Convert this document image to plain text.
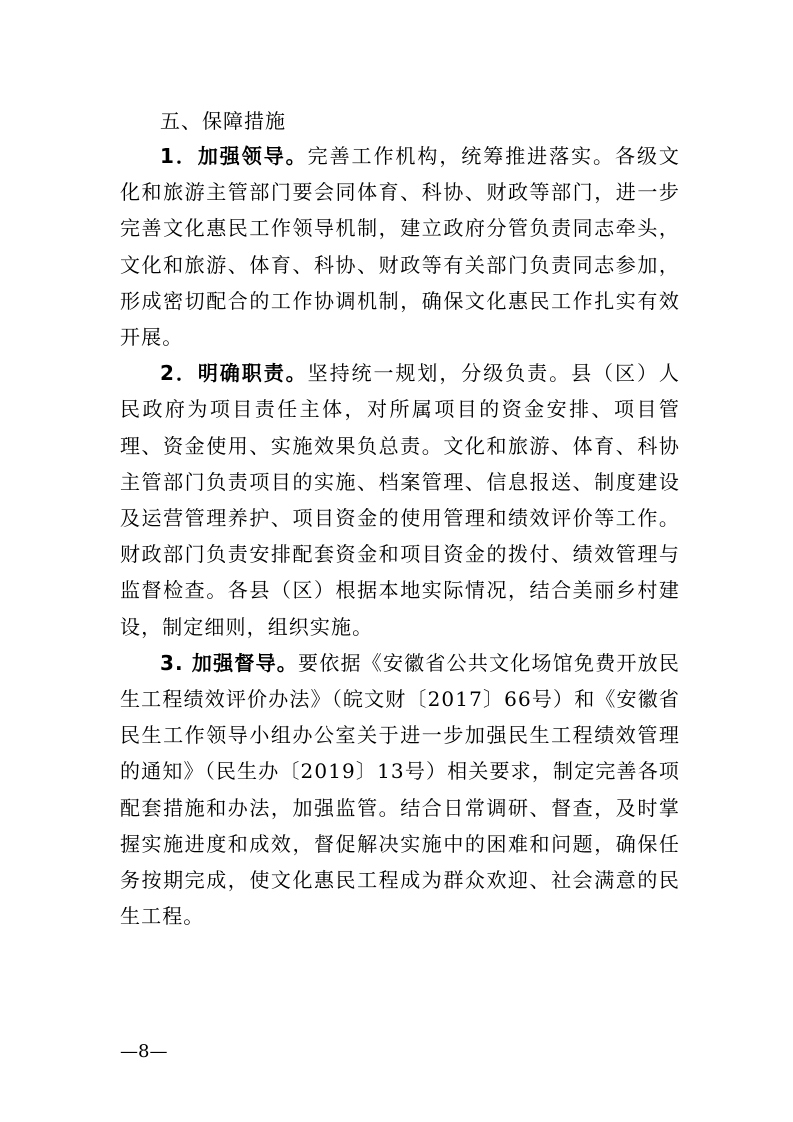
五、保障措施

1．加强领导。完善工作机构，统筹推进落实。各级文化和旅游主管部门要会同体育、科协、财政等部门，进一步完善文化惠民工作领导机制，建立政府分管负责同志牵头，文化和旅游、体育、科协、财政等有关部门负责同志参加，形成密切配合的工作协调机制，确保文化惠民工作扎实有效开展。

2．明确职责。坚持统一规划，分级负责。县（区）人民政府为项目责任主体，对所属项目的资金安排、项目管理、资金使用、实施效果负总责。文化和旅游、体育、科协主管部门负责项目的实施、档案管理、信息报送、制度建设及运营管理养护、项目资金的使用管理和绩效评价等工作。财政部门负责安排配套资金和项目资金的拨付、绩效管理与监督检查。各县（区）根据本地实际情况，结合美丽乡村建设，制定细则，组织实施。

3. 加强督导。要依据《安徽省公共文化场馆免费开放民生工程绩效评价办法》（皖文财〔2017〕66号）和《安徽省民生工作领导小组办公室关于进一步加强民生工程绩效管理的通知》（民生办〔2019〕13号）相关要求，制定完善各项配套措施和办法，加强监管。结合日常调研、督查，及时掌握实施进度和成效，督促解决实施中的困难和问题，确保任务按期完成，使文化惠民工程成为群众欢迎、社会满意的民生工程。

—8—
